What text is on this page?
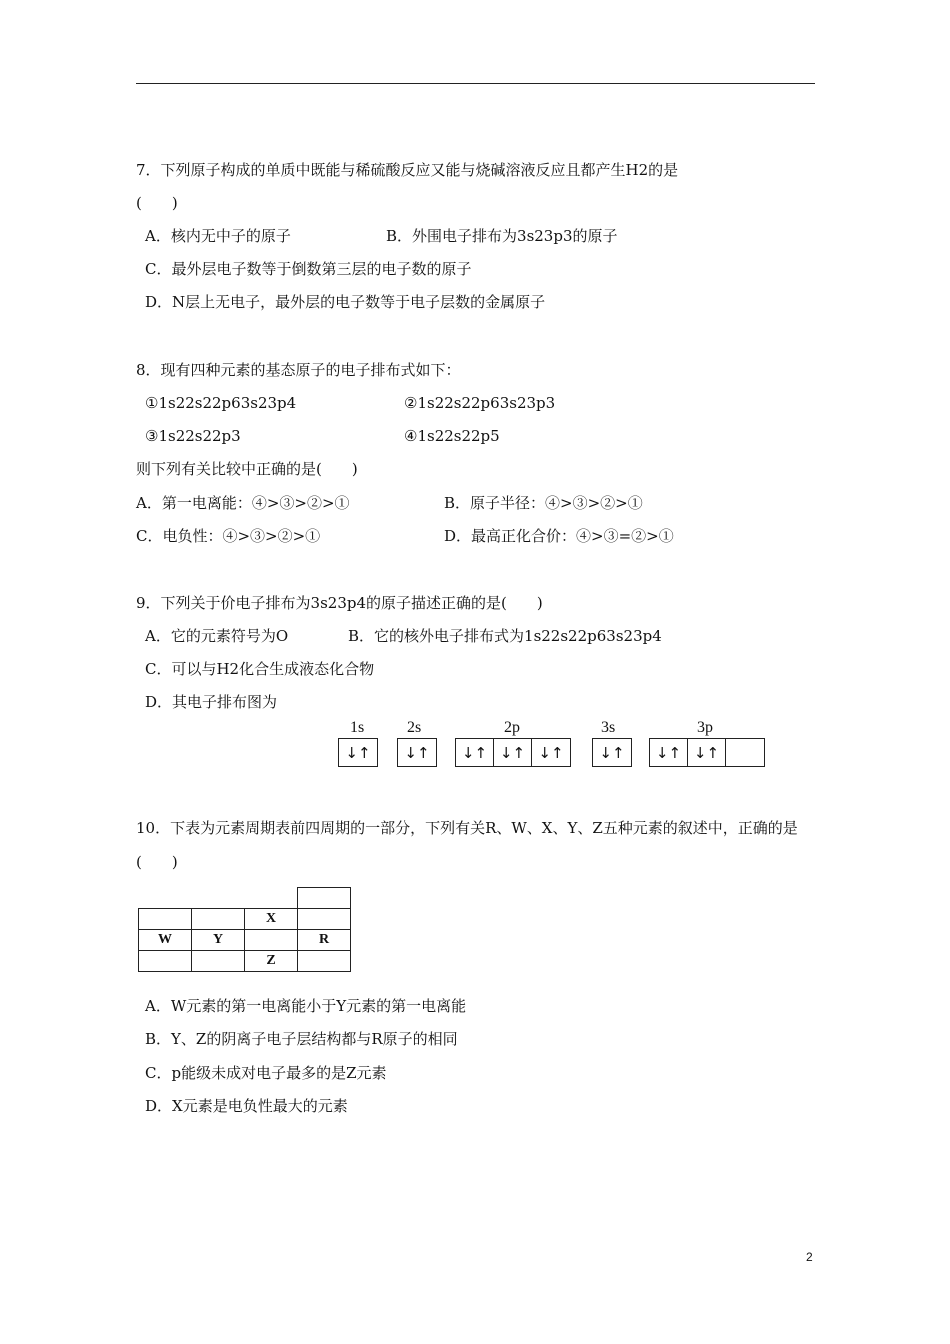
7．下列原子构成的单质中既能与稀硫酸反应又能与烧碱溶液反应且都产生H2的是
(　　)
A．核内无中子的原子	B．外围电子排布为3s23p3的原子
C．最外层电子数等于倒数第三层的电子数的原子
D．N层上无电子，最外层的电子数等于电子层数的金属原子
8．现有四种元素的基态原子的电子排布式如下：
①1s22s22p63s23p4	②1s22s22p63s23p3
③1s22s22p3	④1s22s22p5
则下列有关比较中正确的是(　　)
A．第一电离能：④>③>②>①	B．原子半径：④>③>②>①
C．电负性：④>③>②>①	D．最高正化合价：④>③=②>①
9．下列关于价电子排布为3s23p4的原子描述正确的是(　　)
A．它的元素符号为O	B．它的核外电子排布式为1s22s22p63s23p4
C．可以与H2化合生成液态化合物
D．其电子排布图为
1s	2s	2p	3s	3p
↓↑	↓↑	↓↑ ↓↑ ↓↑	↓↑	↓↑ ↓↑
10．下表为元素周期表前四周期的一部分，下列有关R、W、X、Y、Z五种元素的叙述中，正确的是
(　　)

		X	
W	Y		R
		Z	
A．W元素的第一电离能小于Y元素的第一电离能
B．Y、Z的阴离子电子层结构都与R原子的相同
C．p能级未成对电子最多的是Z元素
D．X元素是电负性最大的元素
2
